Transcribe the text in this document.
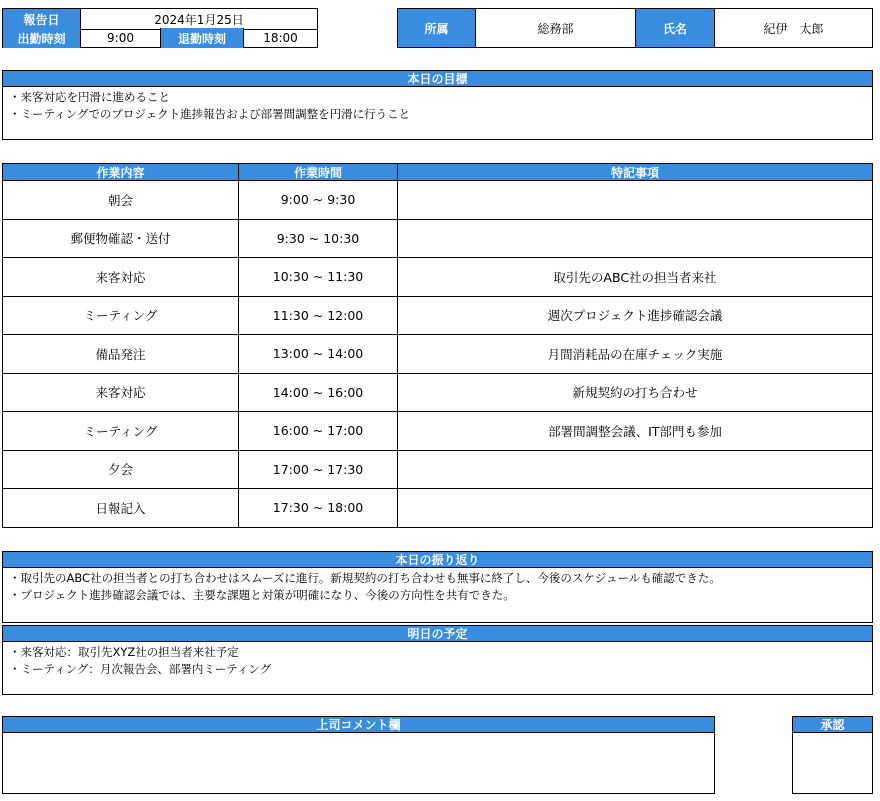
報告日	2024年1月25日
出勤時刻	9:00	退勤時刻	18:00
所属	総務部	氏名	紀伊　太郎
本日の目標
・来客対応を円滑に進めること
・ミーティングでのプロジェクト進捗報告および部署間調整を円滑に行うこと
作業内容	作業時間	特記事項
朝会	9:00 ~ 9:30
郵便物確認・送付	9:30 ~ 10:30
来客対応	10:30 ~ 11:30	取引先のABC社の担当者来社
ミーティング	11:30 ~ 12:00	週次プロジェクト進捗確認会議
備品発注	13:00 ~ 14:00	月間消耗品の在庫チェック実施
来客対応	14:00 ~ 16:00	新規契約の打ち合わせ
ミーティング	16:00 ~ 17:00	部署間調整会議、IT部門も参加
夕会	17:00 ~ 17:30
日報記入	17:30 ~ 18:00
本日の振り返り
・取引先のABC社の担当者との打ち合わせはスムーズに進行。新規契約の打ち合わせも無事に終了し、今後のスケジュールも確認できた。
・プロジェクト進捗確認会議では、主要な課題と対策が明確になり、今後の方向性を共有できた。
明日の予定
・来客対応：取引先XYZ社の担当者来社予定
・ミーティング：月次報告会、部署内ミーティング
上司コメント欄	承認
